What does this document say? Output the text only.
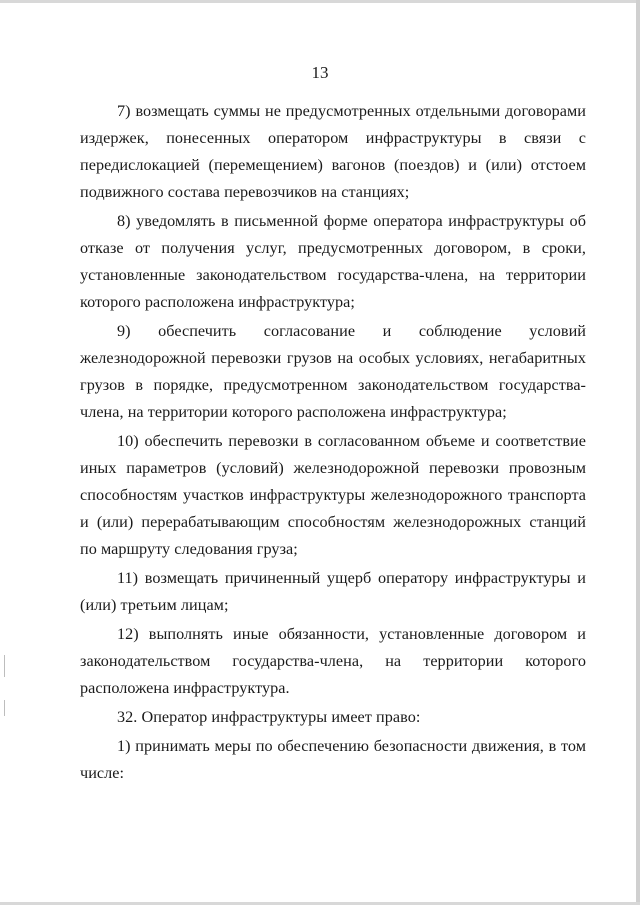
13

7) возмещать суммы не предусмотренных отдельными договорами издержек, понесенных оператором инфраструктуры в связи с передислокацией (перемещением) вагонов (поездов) и (или) отстоем подвижного состава перевозчиков на станциях;

8) уведомлять в письменной форме оператора инфраструктуры об отказе от получения услуг, предусмотренных договором, в сроки, установленные законодательством государства-члена, на территории которого расположена инфраструктура;

9) обеспечить согласование и соблюдение условий железнодорожной перевозки грузов на особых условиях, негабаритных грузов в порядке, предусмотренном законодательством государства-члена, на территории которого расположена инфраструктура;

10) обеспечить перевозки в согласованном объеме и соответствие иных параметров (условий) железнодорожной перевозки провозным способностям участков инфраструктуры железнодорожного транспорта и (или) перерабатывающим способностям железнодорожных станций по маршруту следования груза;

11) возмещать причиненный ущерб оператору инфраструктуры и (или) третьим лицам;

12) выполнять иные обязанности, установленные договором и законодательством государства-члена, на территории которого расположена инфраструктура.

32. Оператор инфраструктуры имеет право:

1) принимать меры по обеспечению безопасности движения, в том числе:
